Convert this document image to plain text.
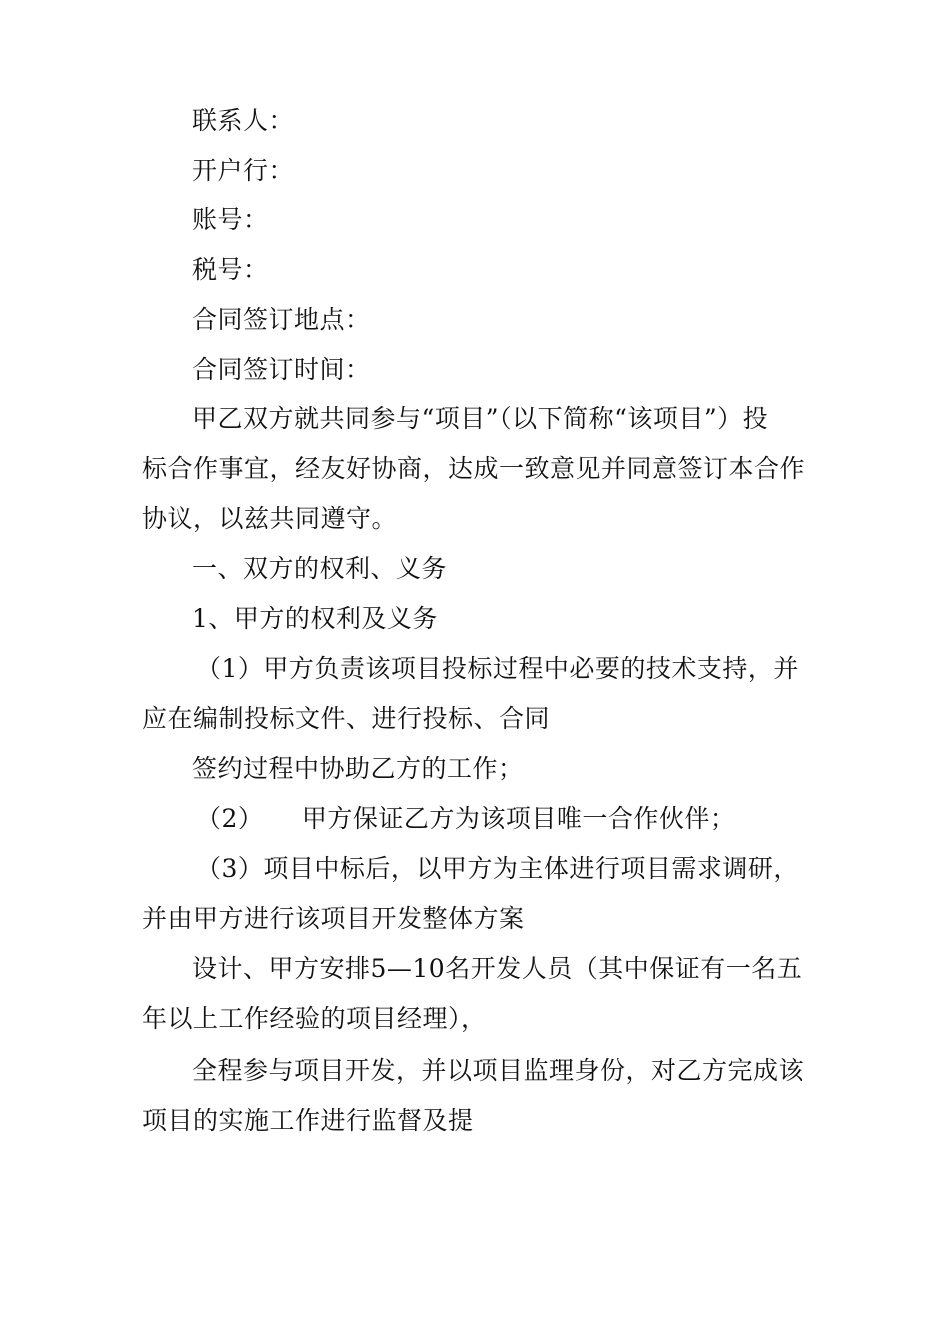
联系人：
开户行：
账号：
税号：
合同签订地点：
合同签订时间：
甲乙双方就共同参与“项目”（以下简称“该项目”）投
标合作事宜，经友好协商，达成一致意见并同意签订本合作
协议，以兹共同遵守。
一、双方的权利、义务
1、甲方的权利及义务
（1）甲方负责该项目投标过程中必要的技术支持，并
应在编制投标文件、进行投标、合同
签约过程中协助乙方的工作；
（2）　　甲方保证乙方为该项目唯一合作伙伴；
（3）项目中标后，以甲方为主体进行项目需求调研，
并由甲方进行该项目开发整体方案
设计、甲方安排5—10名开发人员（其中保证有一名五
年以上工作经验的项目经理），
全程参与项目开发，并以项目监理身份，对乙方完成该
项目的实施工作进行监督及提
